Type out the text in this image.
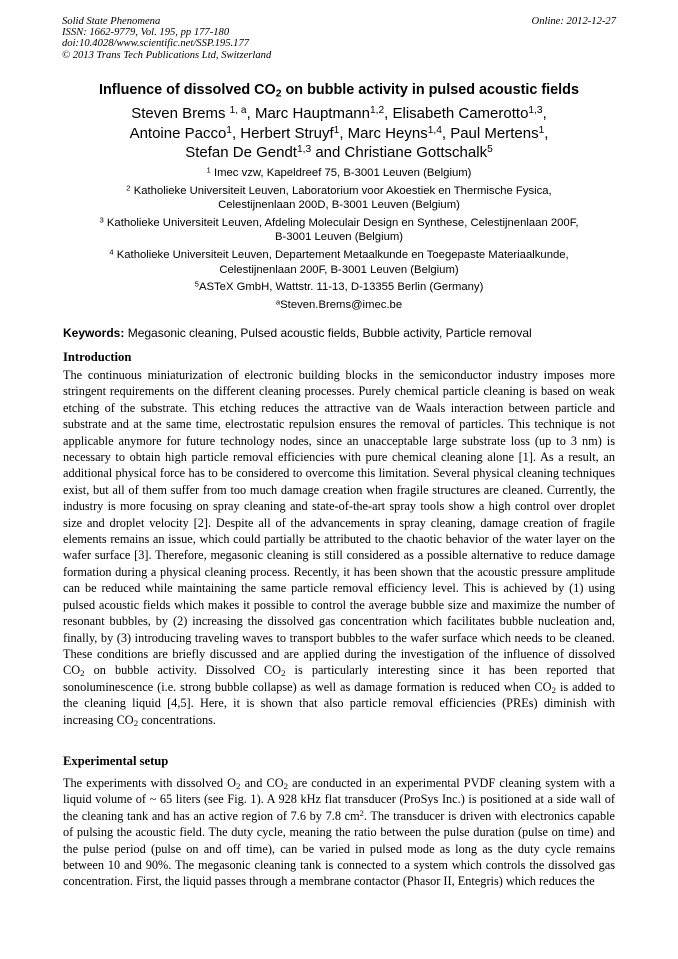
Solid State Phenomena
ISSN: 1662-9779, Vol. 195, pp 177-180
doi:10.4028/www.scientific.net/SSP.195.177
© 2013 Trans Tech Publications Ltd, Switzerland
Online: 2012-12-27
Influence of dissolved $CO_2$ on bubble activity in pulsed acoustic fields
Steven Brems $^{1, a}$, Marc Hauptmann$^{1,2}$, Elisabeth Camerotto$^{1,3}$,
Antoine Pacco$^1$, Herbert Struyf$^1$, Marc Heyns$^{1,4}$, Paul Mertens$^1$,
Stefan De Gendt$^{1,3}$ and Christiane Gottschalk$^5$
$^1$ Imec vzw, Kapeldreef 75, B-3001 Leuven (Belgium)
$^2$ Katholieke Universiteit Leuven, Laboratorium voor Akoestiek en Thermische Fysica,
Celestijnenlaan 200D, B-3001 Leuven (Belgium)
$^3$ Katholieke Universiteit Leuven, Afdeling Moleculair Design en Synthese, Celestijnenlaan 200F,
B-3001 Leuven (Belgium)
$^4$ Katholieke Universiteit Leuven, Departement Metaalkunde en Toegepaste Materiaalkunde,
Celestijnenlaan 200F, B-3001 Leuven (Belgium)
$^5$ASTeX GmbH, Wattstr. 11-13, D-13355 Berlin (Germany)
$^a$Steven.Brems@imec.be
Keywords: Megasonic cleaning, Pulsed acoustic fields, Bubble activity, Particle removal
Introduction
The continuous miniaturization of electronic building blocks in the semiconductor industry imposes more stringent requirements on the different cleaning processes. Purely chemical particle cleaning is based on weak etching of the substrate. This etching reduces the attractive van de Waals interaction between particle and substrate and at the same time, electrostatic repulsion ensures the removal of particles. This technique is not applicable anymore for future technology nodes, since an unacceptable large substrate loss (up to 3 nm) is necessary to obtain high particle removal efficiencies with pure chemical cleaning alone [1]. As a result, an additional physical force has to be considered to overcome this limitation. Several physical cleaning techniques exist, but all of them suffer from too much damage creation when fragile structures are cleaned. Currently, the industry is more focusing on spray cleaning and state-of-the-art spray tools show a high control over droplet size and droplet velocity [2]. Despite all of the advancements in spray cleaning, damage creation of fragile elements remains an issue, which could partially be attributed to the chaotic behavior of the water layer on the wafer surface [3]. Therefore, megasonic cleaning is still considered as a possible alternative to reduce damage formation during a physical cleaning process. Recently, it has been shown that the acoustic pressure amplitude can be reduced while maintaining the same particle removal efficiency level. This is achieved by (1) using pulsed acoustic fields which makes it possible to control the average bubble size and maximize the number of resonant bubbles, by (2) increasing the dissolved gas concentration which facilitates bubble nucleation and, finally, by (3) introducing traveling waves to transport bubbles to the wafer surface which needs to be cleaned. These conditions are briefly discussed and are applied during the investigation of the influence of dissolved $CO_2$ on bubble activity. Dissolved $CO_2$ is particularly interesting since it has been reported that sonoluminescence (i.e. strong bubble collapse) as well as damage formation is reduced when $CO_2$ is added to the cleaning liquid [4,5]. Here, it is shown that also particle removal efficiencies (PREs) diminish with increasing $CO_2$ concentrations.
Experimental setup
The experiments with dissolved $O_2$ and $CO_2$ are conducted in an experimental PVDF cleaning system with a liquid volume of ~ 65 liters (see Fig. 1). A 928 kHz flat transducer (ProSys Inc.) is positioned at a side wall of the cleaning tank and has an active region of 7.6 by 7.8 $cm^2$. The transducer is driven with electronics capable of pulsing the acoustic field. The duty cycle, meaning the ratio between the pulse duration (pulse on time) and the pulse period (pulse on and off time), can be varied in pulsed mode as long as the duty cycle remains between 10 and 90%. The megasonic cleaning tank is connected to a system which controls the dissolved gas concentration. First, the liquid passes through a membrane contactor (Phasor II, Entegris) which reduces the
